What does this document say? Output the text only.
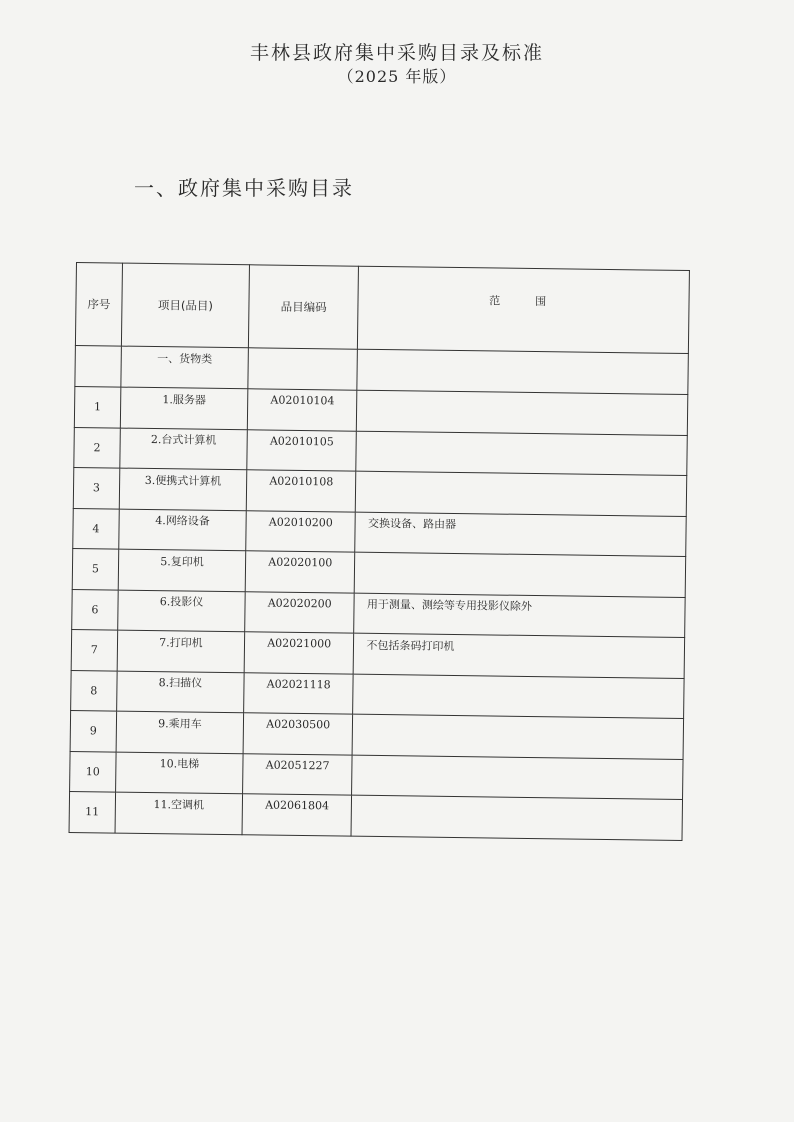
丰林县政府集中采购目录及标准
（2025 年版）
一、政府集中采购目录
序号	项目(品目)	品目编码	范　围
	一、货物类		
1	1.服务器	A02010104	
2	2.台式计算机	A02010105	
3	3.便携式计算机	A02010108	
4	4.网络设备	A02010200	交换设备、路由器
5	5.复印机	A02020100	
6	6.投影仪	A02020200	用于测量、测绘等专用投影仪除外
7	7.打印机	A02021000	不包括条码打印机
8	8.扫描仪	A02021118	
9	9.乘用车	A02030500	
10	10.电梯	A02051227	
11	11.空调机	A02061804	
